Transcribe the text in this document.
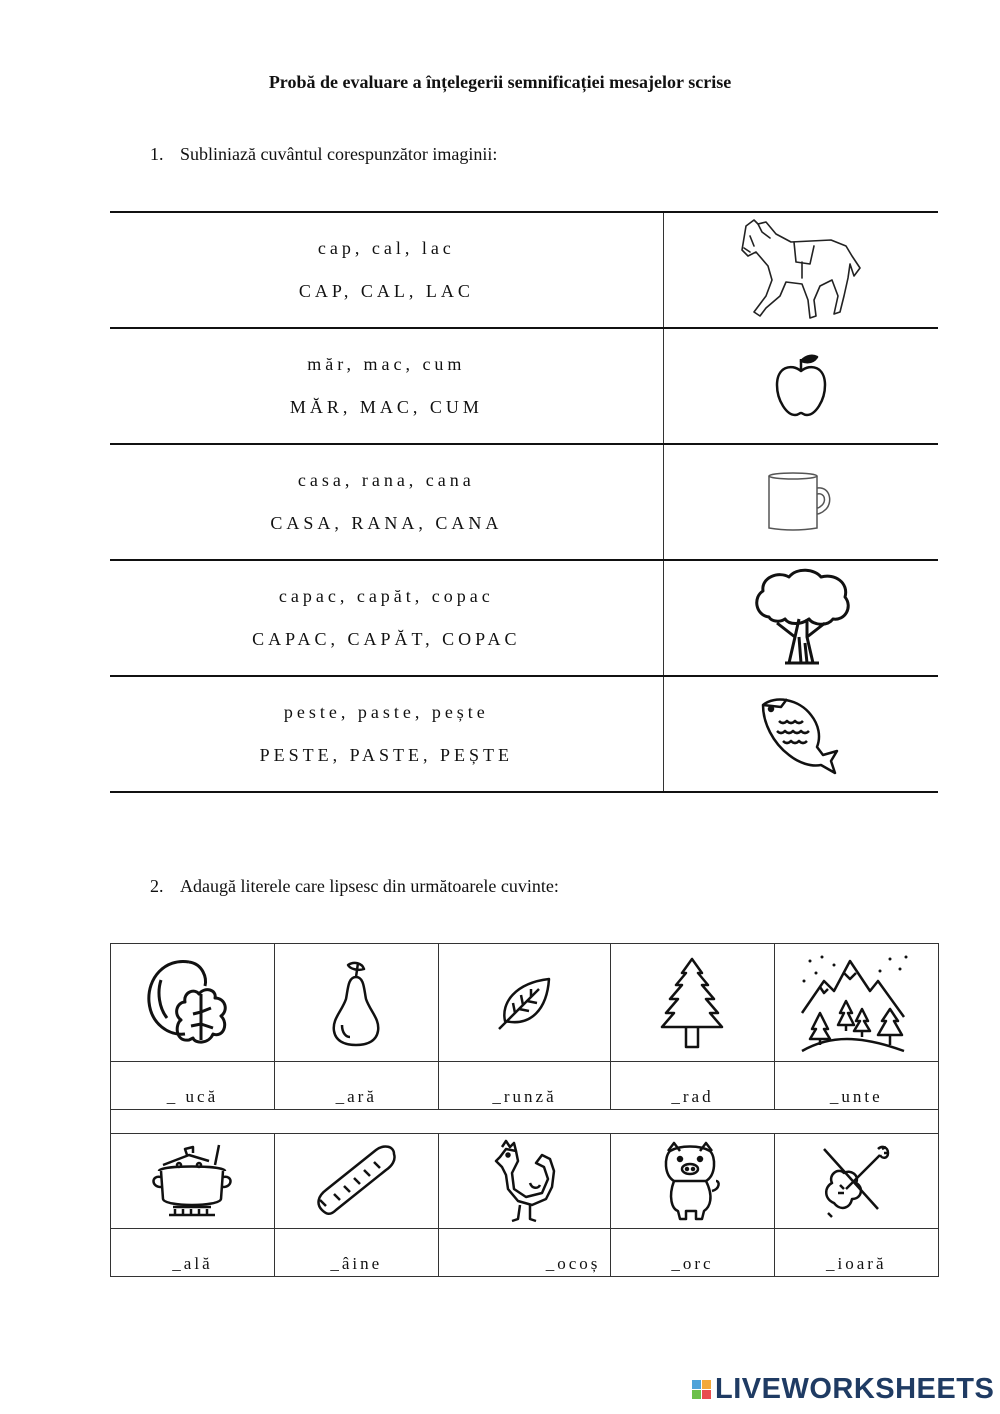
Probă de evaluare a înțelegerii semnificației mesajelor scrise
1. Subliniază cuvântul corespunzător imaginii:
cap, cal, lac
CAP, CAL, LAC

măr, mac, cum
MĂR, MAC, CUM

casa, rana, cana
CASA, RANA, CANA

capac, capăt, copac
CAPAC, CAPĂT, COPAC

peste, paste, pește
PESTE, PASTE, PEȘTE

2. Adaugă literele care lipsesc din următoarele cuvinte:

_ ucă	_ară	_runză	_rad	_unte

_ală	_âine	_ocoș	_orc	_ioară
LIVEWORKSHEETS
